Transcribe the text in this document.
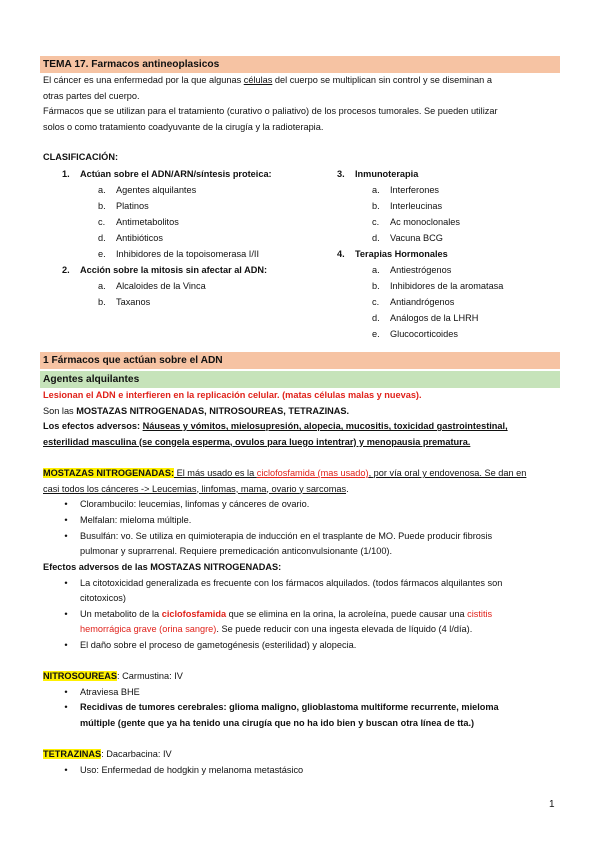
TEMA 17. Farmacos antineoplasicos

El cáncer es una enfermedad por la que algunas células del cuerpo se multiplican sin control y se diseminan a

otras partes del cuerpo.

Fármacos que se utilizan para el tratamiento (curativo o paliativo) de los procesos tumorales. Se pueden utilizar

solos o como tratamiento coadyuvante de la cirugía y la radioterapia.

CLASIFICACIÓN:
1. Actúan sobre el ADN/ARN/síntesis proteica:
a. Agentes alquilantes
b. Platinos
c. Antimetabolitos
d. Antibióticos
e. Inhibidores de la topoisomerasa I/II
2. Acción sobre la mitosis sin afectar al ADN:
a. Alcaloides de la Vinca
b. Taxanos
3. Inmunoterapia
a. Interferones
b. Interleucinas
c. Ac monoclonales
d. Vacuna BCG
4. Terapias Hormonales
a. Antiestrógenos
b. Inhibidores de la aromatasa
c. Antiandrógenos
d. Análogos de la LHRH
e. Glucocorticoides
1 Fármacos que actúan sobre el ADN
Agentes alquilantes

Lesionan el ADN e interfieren en la replicación celular. (matas células malas y nuevas).

Son las MOSTAZAS NITROGENADAS, NITROSOUREAS, TETRAZINAS.

Los efectos adversos: Náuseas y vómitos, mielosupresión, alopecia, mucositis, toxicidad gastrointestinal,

esterilidad masculina (se congela esperma, ovulos para luego intentrar) y menopausia prematura.

MOSTAZAS NITROGENADAS: El más usado es la ciclofosfamida (mas usado), por vía oral y endovenosa. Se dan en

casi todos los cánceres -> Leucemias, linfomas, mama, ovario y sarcomas.

• Clorambucilo: leucemias, linfomas y cánceres de ovario.
• Melfalan: mieloma múltiple.
• Busulfán: vo. Se utiliza en quimioterapia de inducción en el trasplante de MO. Puede producir fibrosis
pulmonar y suprarrenal. Requiere premedicación anticonvulsionante (1/100).
Efectos adversos de las MOSTAZAS NITROGENADAS:
• La citotoxicidad generalizada es frecuente con los fármacos alquilados. (todos fármacos alquilantes son
citotoxicos)
• Un metabolito de la ciclofosfamida que se elimina en la orina, la acroleína, puede causar una cistitis
hemorrágica grave (orina sangre). Se puede reducir con una ingesta elevada de líquido (4 l/día).
• El daño sobre el proceso de gametogénesis (esterilidad) y alopecia.
NITROSOUREAS: Carmustina: IV
• Atraviesa BHE
• Recidivas de tumores cerebrales: glioma maligno, glioblastoma multiforme recurrente, mieloma
múltiple (gente que ya ha tenido una cirugía que no ha ido bien y buscan otra línea de tta.)
TETRAZINAS: Dacarbacina: IV
• Uso: Enfermedad de hodgkin y melanoma metastásico
1
